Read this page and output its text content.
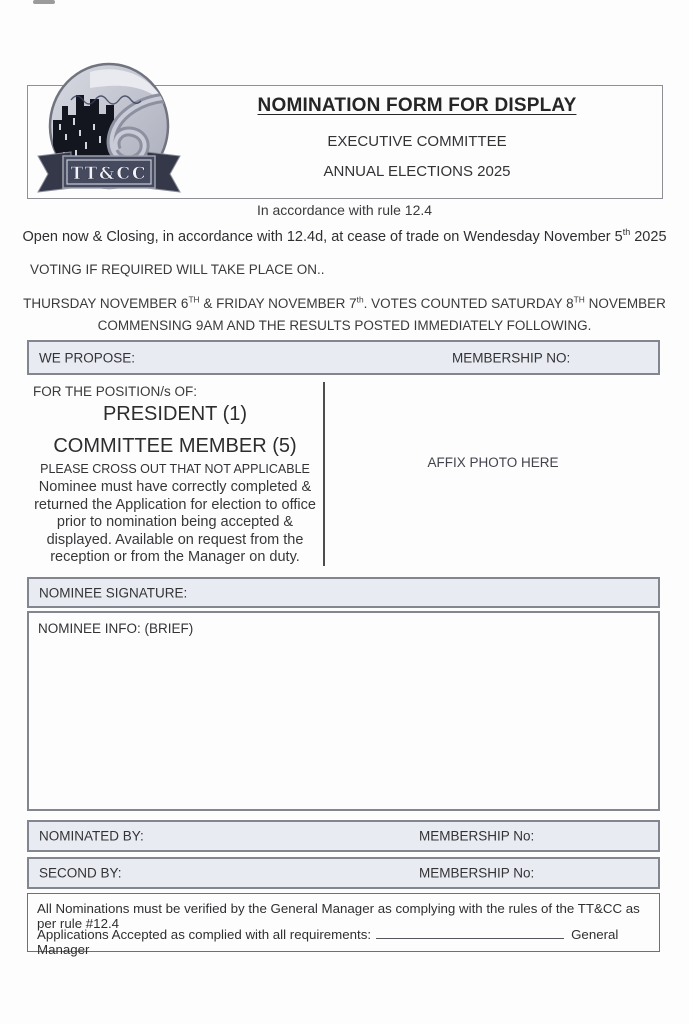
NOMINATION FORM FOR DISPLAY
EXECUTIVE COMMITTEE
ANNUAL ELECTIONS 2025
TT&CC
In accordance with rule 12.4
Open now & Closing, in accordance with 12.4d, at cease of trade on Wendesday November 5th 2025
VOTING IF REQUIRED WILL TAKE PLACE ON..
THURSDAY NOVEMBER 6TH & FRIDAY NOVEMBER 7th. VOTES COUNTED SATURDAY 8TH NOVEMBER
COMMENSING 9AM AND THE RESULTS POSTED IMMEDIATELY FOLLOWING.
WE PROPOSE:	MEMBERSHIP NO:
FOR THE POSITION/s OF:

PRESIDENT (1)

COMMITTEE MEMBER (5)

PLEASE CROSS OUT THAT NOT APPLICABLE

Nominee must have correctly completed & returned the Application for election to office prior to nomination being accepted & displayed. Available on request from the reception or from the Manager on duty.

AFFIX PHOTO HERE
NOMINEE SIGNATURE:
NOMINEE INFO: (BRIEF)
NOMINATED BY:	MEMBERSHIP No:
SECOND BY:	MEMBERSHIP No:
All Nominations must be verified by the General Manager as complying with the rules of the TT&CC as per rule #12.4
Applications Accepted as complied with all requirements:	General Manager
